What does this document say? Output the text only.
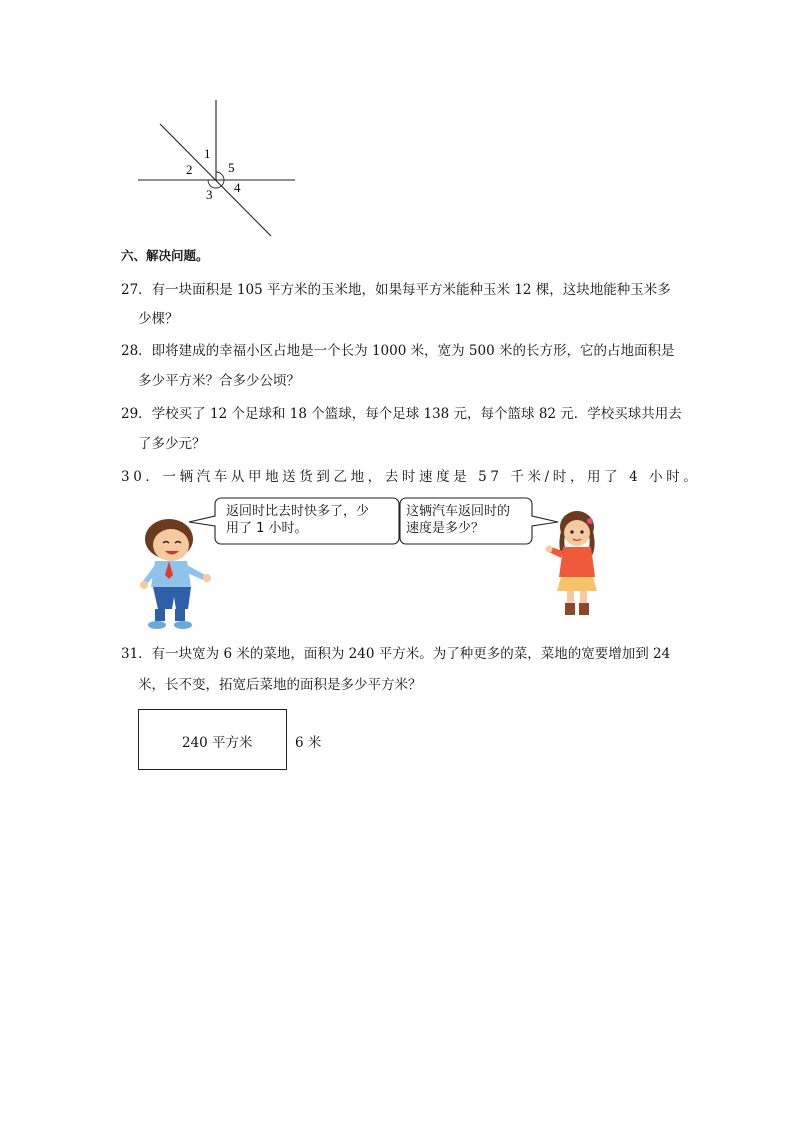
1
2
3 4
5
六、解决问题。
27．有一块面积是 105 平方米的玉米地，如果每平方米能种玉米 12 棵，这块地能种玉米多
少棵？
28．即将建成的幸福小区占地是一个长为 1000 米，宽为 500 米的长方形，它的占地面积是
多少平方米？合多少公顷？
29．学校买了 12 个足球和 18 个篮球，每个足球 138 元，每个篮球 82 元．学校买球共用去
了多少元？
30．一辆汽车从甲地送货到乙地，去时速度是 57 千米/时，用了 4 小时。
返回时比去时快多了，少
用了 1 小时。
这辆汽车返回时的
速度是多少？
31．有一块宽为 6 米的菜地，面积为 240 平方米。为了种更多的菜，菜地的宽要增加到 24
米，长不变，拓宽后菜地的面积是多少平方米？
240 平方米	6 米
